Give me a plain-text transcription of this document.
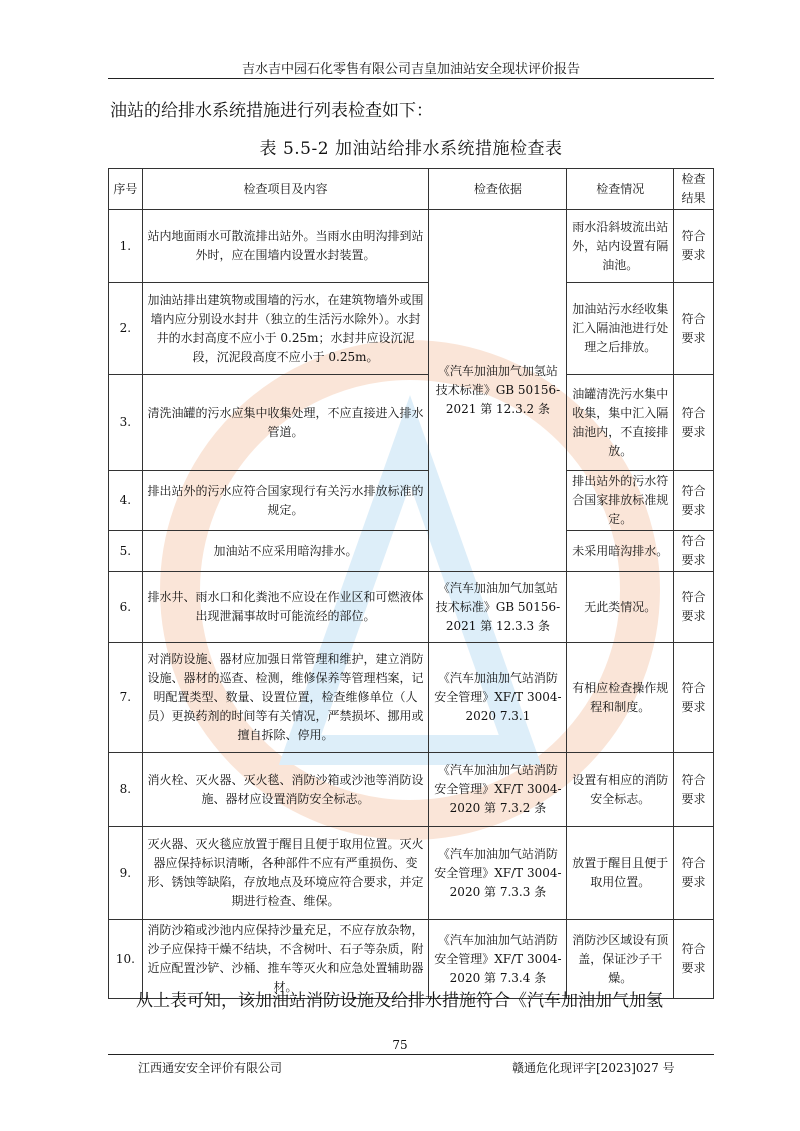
吉水吉中园石化零售有限公司吉皇加油站安全现状评价报告
油站的给排水系统措施进行列表检查如下：
表 5.5-2 加油站给排水系统措施检查表
序号	检查项目及内容	检查依据	检查情况	检查结果
1.	站内地面雨水可散流排出站外。当雨水由明沟排到站外时，应在围墙内设置水封装置。	《汽车加油加气加氢站技术标准》GB 50156-2021 第 12.3.2 条	雨水沿斜坡流出站外，站内设置有隔油池。	符合要求
2.	加油站排出建筑物或围墙的污水，在建筑物墙外或围墙内应分别设水封井（独立的生活污水除外）。水封井的水封高度不应小于 0.25m；水封井应设沉泥段，沉泥段高度不应小于 0.25m。		加油站污水经收集汇入隔油池进行处理之后排放。	符合要求
3.	清洗油罐的污水应集中收集处理，不应直接进入排水管道。		油罐清洗污水集中收集，集中汇入隔油池内，不直接排放。	符合要求
4.	排出站外的污水应符合国家现行有关污水排放标准的规定。		排出站外的污水符合国家排放标准规定。	符合要求
5.	加油站不应采用暗沟排水。		未采用暗沟排水。	符合要求
6.	排水井、雨水口和化粪池不应设在作业区和可燃液体出现泄漏事故时可能流经的部位。	《汽车加油加气加氢站技术标准》GB 50156-2021 第 12.3.3 条	无此类情况。	符合要求
7.	对消防设施、器材应加强日常管理和维护，建立消防设施、器材的巡查、检测，维修保养等管理档案，记明配置类型、数量、设置位置，检查维修单位（人员）更换药剂的时间等有关情况，严禁损坏、挪用或擅自拆除、停用。	《汽车加油加气站消防安全管理》XF/T 3004-2020 7.3.1	有相应检查操作规程和制度。	符合要求
8.	消火栓、灭火器、灭火毯、消防沙箱或沙池等消防设施、器材应设置消防安全标志。	《汽车加油加气站消防安全管理》XF/T 3004-2020 第 7.3.2 条	设置有相应的消防安全标志。	符合要求
9.	灭火器、灭火毯应放置于醒目且便于取用位置。灭火器应保持标识清晰，各种部件不应有严重损伤、变形、锈蚀等缺陷，存放地点及环境应符合要求，并定期进行检查、维保。	《汽车加油加气站消防安全管理》XF/T 3004-2020 第 7.3.3 条	放置于醒目且便于取用位置。	符合要求
10.	消防沙箱或沙池内应保持沙量充足，不应存放杂物，沙子应保持干燥不结块，不含树叶、石子等杂质，附近应配置沙铲、沙桶、推车等灭火和应急处置辅助器材。	《汽车加油加气站消防安全管理》XF/T 3004-2020 第 7.3.4 条	消防沙区域设有顶盖，保证沙子干燥。	符合要求
从上表可知，该加油站消防设施及给排水措施符合《汽车加油加气加氢
75
江西通安安全评价有限公司	赣通危化现评字[2023]027 号
